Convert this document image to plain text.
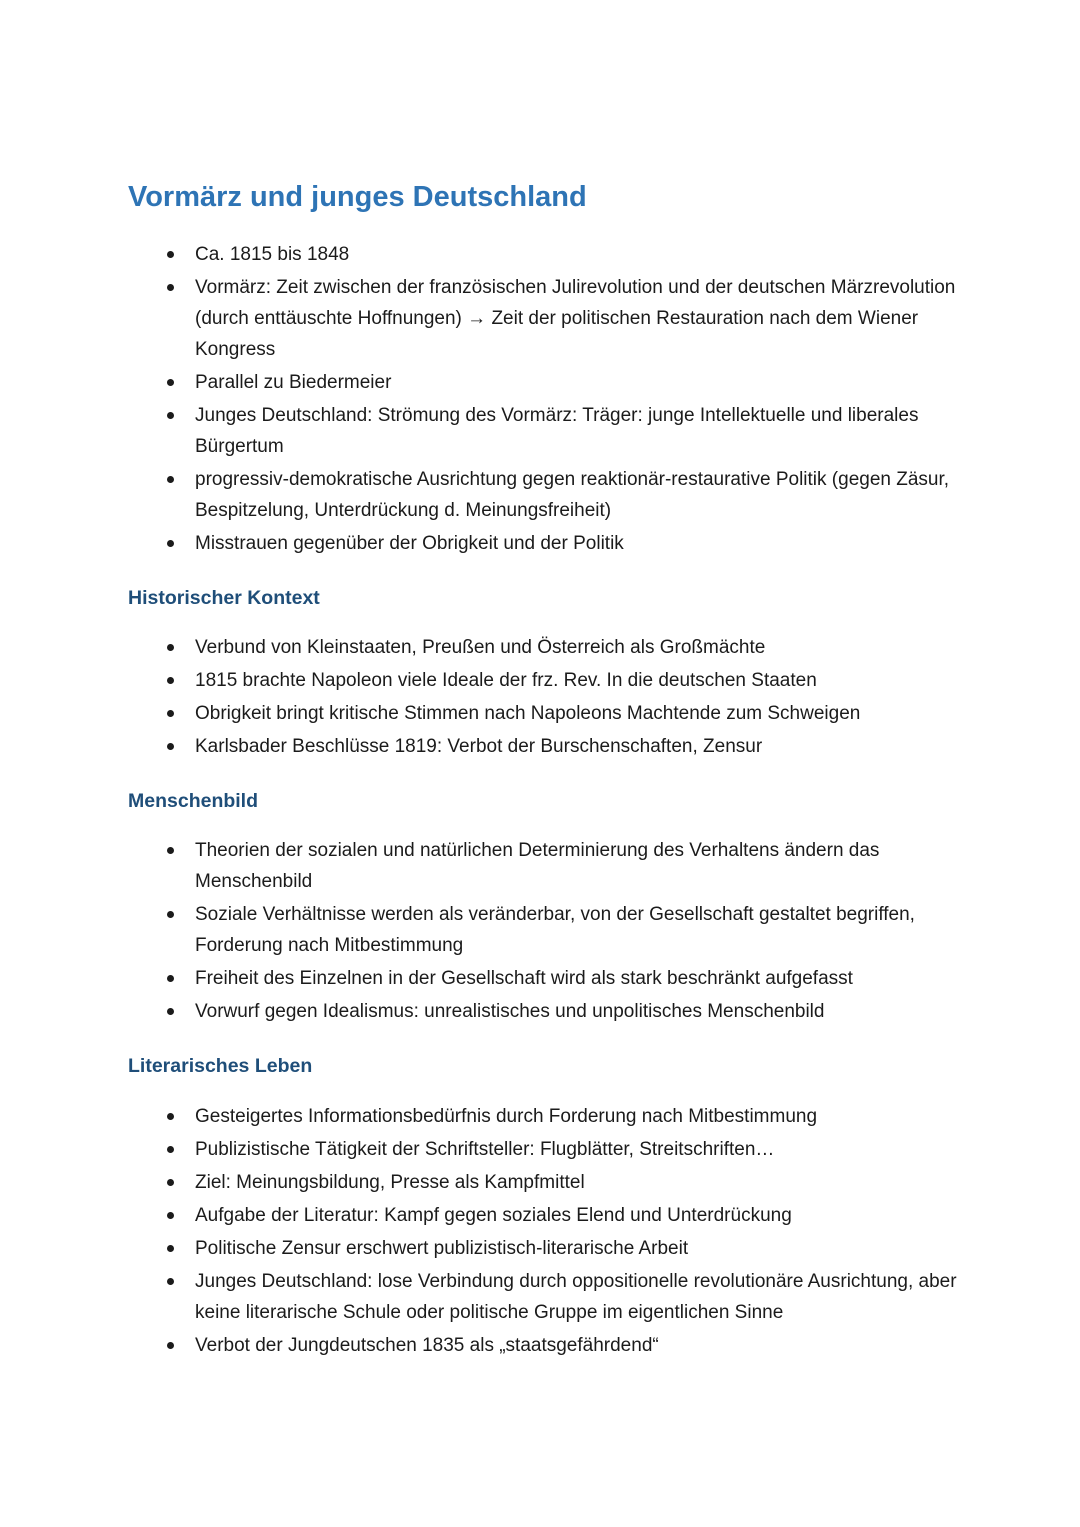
Vormärz und junges Deutschland
Ca. 1815 bis 1848
Vormärz: Zeit zwischen der französischen Julirevolution und der deutschen Märzrevolution (durch enttäuschte Hoffnungen) → Zeit der politischen Restauration nach dem Wiener Kongress
Parallel zu Biedermeier
Junges Deutschland: Strömung des Vormärz: Träger: junge Intellektuelle und liberales Bürgertum
progressiv-demokratische Ausrichtung gegen reaktionär-restaurative Politik (gegen Zäsur, Bespitzelung, Unterdrückung d. Meinungsfreiheit)
Misstrauen gegenüber der Obrigkeit und der Politik
Historischer Kontext
Verbund von Kleinstaaten, Preußen und Österreich als Großmächte
1815 brachte Napoleon viele Ideale der frz. Rev. In die deutschen Staaten
Obrigkeit bringt kritische Stimmen nach Napoleons Machtende zum Schweigen
Karlsbader Beschlüsse 1819: Verbot der Burschenschaften, Zensur
Menschenbild
Theorien der sozialen und natürlichen Determinierung des Verhaltens ändern das Menschenbild
Soziale Verhältnisse werden als veränderbar, von der Gesellschaft gestaltet begriffen, Forderung nach Mitbestimmung
Freiheit des Einzelnen in der Gesellschaft wird als stark beschränkt aufgefasst
Vorwurf gegen Idealismus: unrealistisches und unpolitisches Menschenbild
Literarisches Leben
Gesteigertes Informationsbedürfnis durch Forderung nach Mitbestimmung
Publizistische Tätigkeit der Schriftsteller: Flugblätter, Streitschriften…
Ziel: Meinungsbildung, Presse als Kampfmittel
Aufgabe der Literatur: Kampf gegen soziales Elend und Unterdrückung
Politische Zensur erschwert publizistisch-literarische Arbeit
Junges Deutschland: lose Verbindung durch oppositionelle revolutionäre Ausrichtung, aber keine literarische Schule oder politische Gruppe im eigentlichen Sinne
Verbot der Jungdeutschen 1835 als „staatsgefährdend“
